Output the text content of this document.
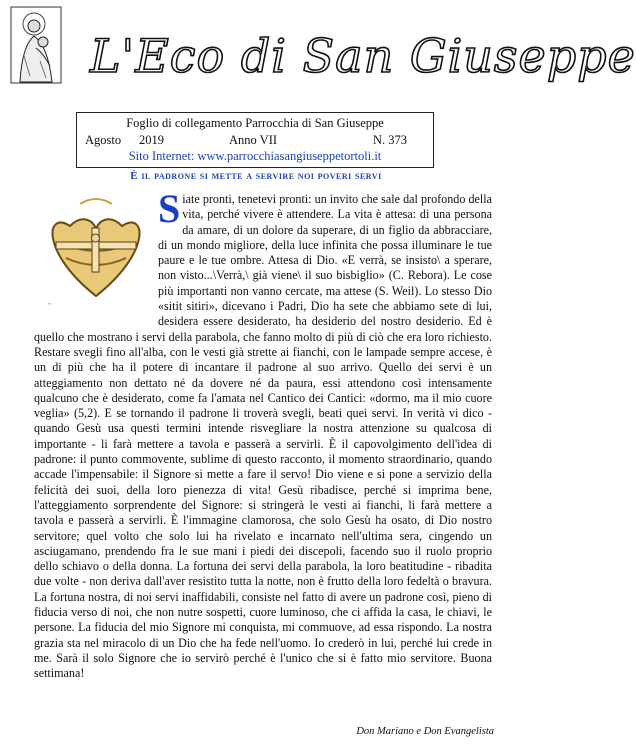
L'Eco di San Giuseppe
Foglio di collegamento Parrocchia di San Giuseppe
Agosto 2019	Anno VII	N. 373
Sito Internet: www.parrocchiasangiuseppetortoli.it
È il padrone si mette a servire noi poveri servi
~
S iate pronti, tenetevi pronti: un invito che sale dal profondo della vita, perché vivere è attendere. La vita è attesa: di una persona da amare, di un dolore da superare, di un figlio da abbracciare, di un mondo migliore, della luce infinita che possa illuminare le tue paure e le tue ombre. Attesa di Dio. «E verrà, se insisto\ a sperare, non visto...\Verrà,\ già viene\ il suo bisbiglio» (C. Rebora). Le cose più importanti non vanno cercate, ma attese (S. Weil). Lo stesso Dio «sitit sitiri», dicevano i Padri, Dio ha sete che abbiamo sete di lui, desidera essere desiderato, ha desiderio del nostro desiderio. Ed è quello che mostrano i servi della parabola, che fanno molto di più di ciò che era loro richiesto. Restare svegli fino all'alba, con le vesti già strette ai fianchi, con le lampade sempre accese, è un di più che ha il potere di incantare il padrone al suo arrivo. Quello dei servi è un atteggiamento non dettato né da dovere né da paura, essi attendono così intensamente qualcuno che è desiderato, come fa l'amata nel Cantico dei Cantici: «dormo, ma il mio cuore veglia» (5,2). E se tornando il padrone li troverà svegli, beati quei servi. In verità vi dico - quando Gesù usa questi termini intende risvegliare la nostra attenzione su qualcosa di importante - li farà mettere a tavola e passerà a servirli. È il capovolgimento dell'idea di padrone: il punto commovente, sublime di questo racconto, il momento straordinario, quando accade l'impensabile: il Signore si mette a fare il servo! Dio viene e si pone a servizio della felicità dei suoi, della loro pienezza di vita! Gesù ribadisce, perché si imprima bene, l'atteggiamento sorprendente del Signore: si stringerà le vesti ai fianchi, li farà mettere a tavola e passerà a servirli. È l'immagine clamorosa, che solo Gesù ha osato, di Dio nostro servitore; quel volto che solo lui ha rivelato e incarnato nell'ultima sera, cingendo un asciugamano, prendendo fra le sue mani i piedi dei discepoli, facendo suo il ruolo proprio dello schiavo o della donna. La fortuna dei servi della parabola, la loro beatitudine - ribadita due volte - non deriva dall'aver resistito tutta la notte, non è frutto della loro fedeltà o bravura. La fortuna nostra, di noi servi inaffidabili, consiste nel fatto di avere un padrone così, pieno di fiducia verso di noi, che non nutre sospetti, cuore luminoso, che ci affida la casa, le chiavi, le persone. La fiducia del mio Signore mi conquista, mi commuove, ad essa rispondo. La nostra grazia sta nel miracolo di un Dio che ha fede nell'uomo. Io crederò in lui, perché lui crede in me. Sarà il solo Signore che io servirò perché è l'unico che si è fatto mio servitore. Buona settimana!
Don Mariano e Don Evangelista
